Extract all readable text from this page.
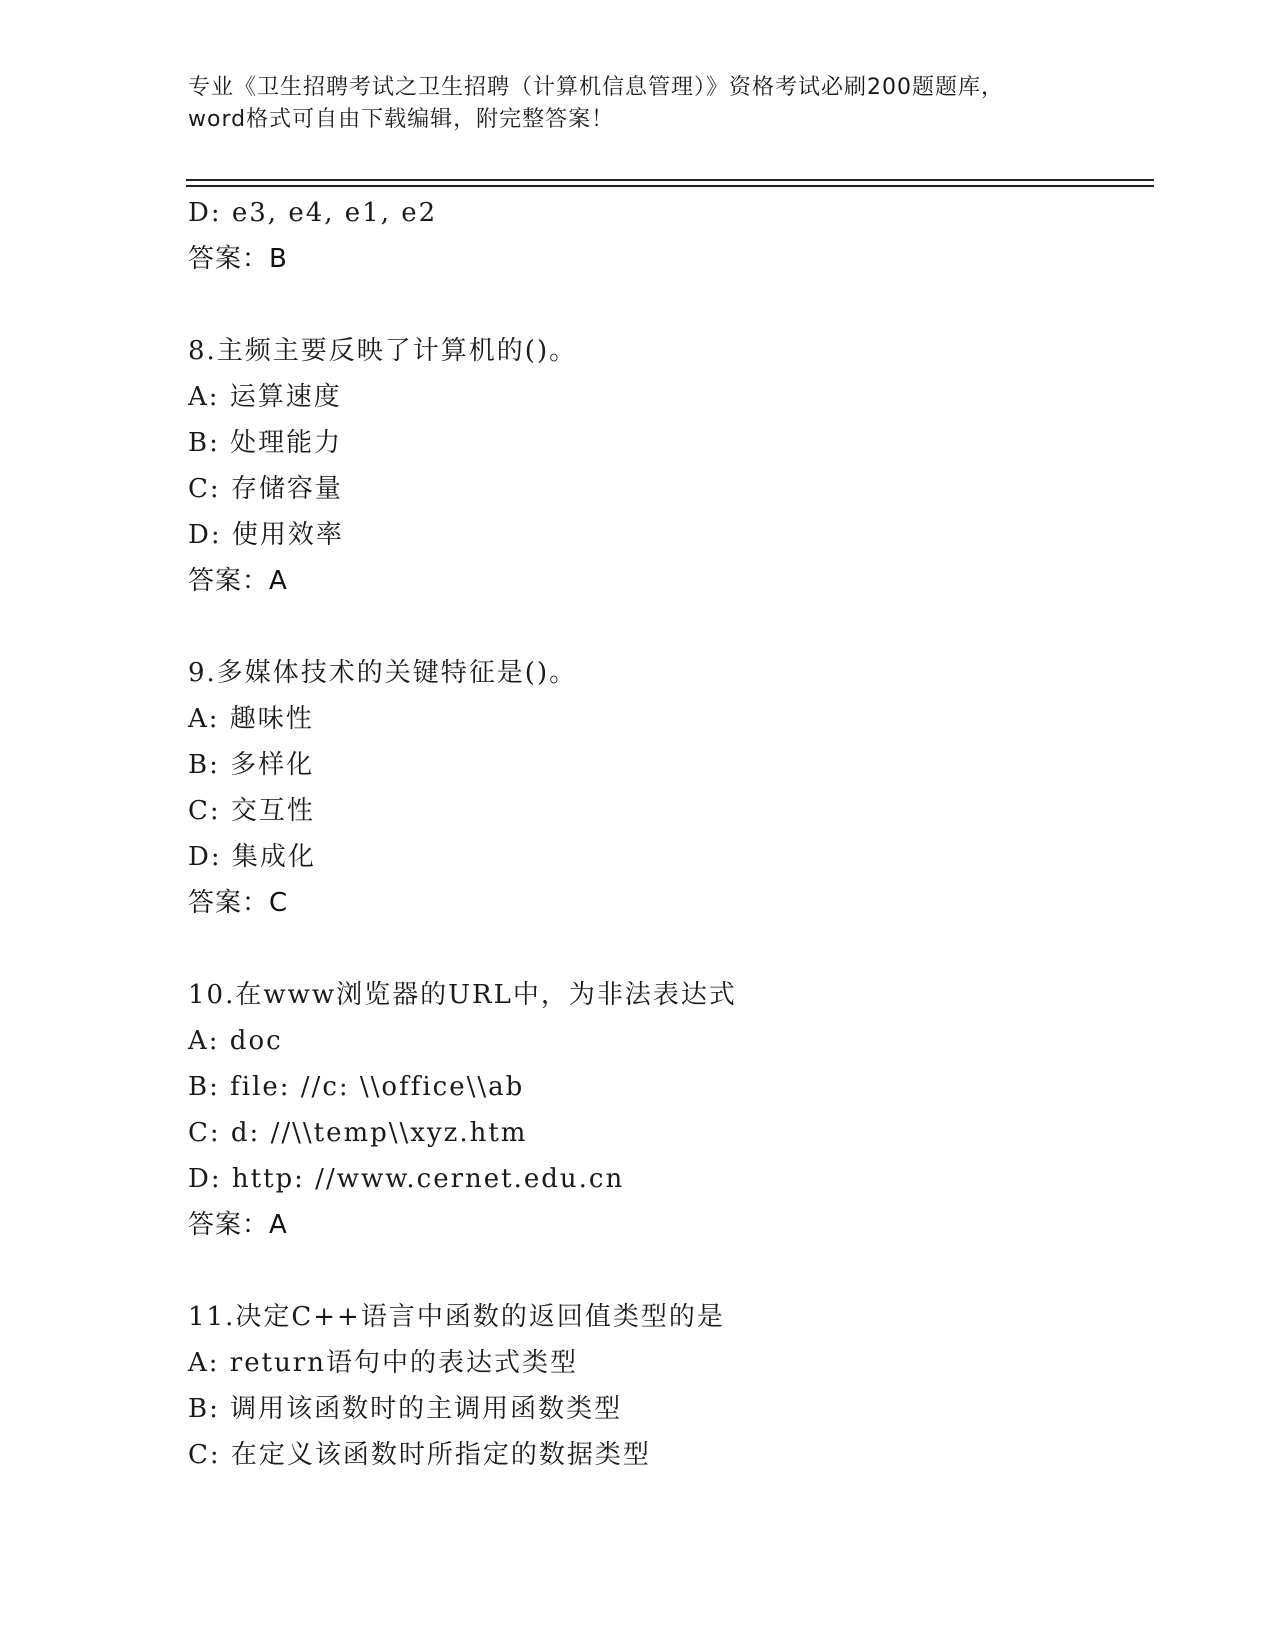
专业《卫生招聘考试之卫生招聘（计算机信息管理）》资格考试必刷200题题库，
word格式可自由下载编辑，附完整答案！
D: e3, e4, e1, e2
答案：B
8.主频主要反映了计算机的()。
A: 运算速度
B: 处理能力
C: 存储容量
D: 使用效率
答案：A
9.多媒体技术的关键特征是()。
A: 趣味性
B: 多样化
C: 交互性
D: 集成化
答案：C
10.在www浏览器的URL中，为非法表达式
A: doc
B: file: //c: \\office\\ab
C: d: //\\temp\\xyz.htm
D: http: //www.cernet.edu.cn
答案：A
11.决定C++语言中函数的返回值类型的是
A: return语句中的表达式类型
B: 调用该函数时的主调用函数类型
C: 在定义该函数时所指定的数据类型
